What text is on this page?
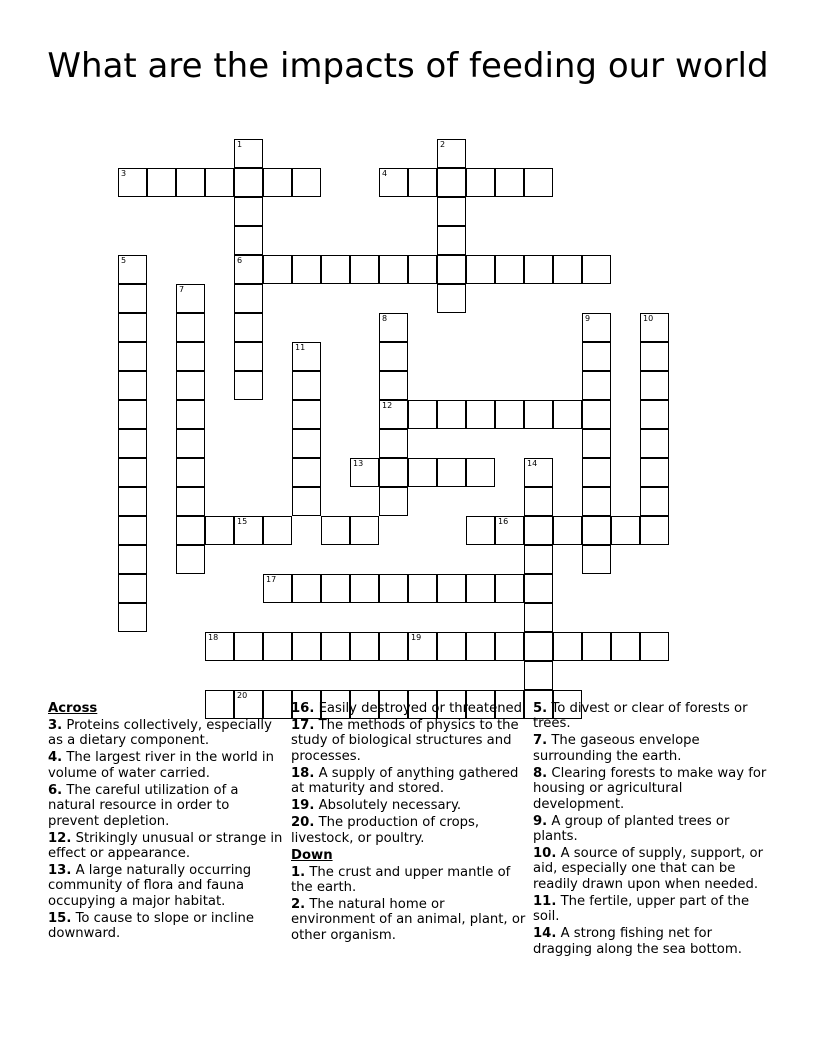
What are the impacts of feeding our world
3	4
1
6
2
5
7
8
12
9	10
11
13	14
15	16
17
18	19
20

Across

3. Proteins collectively, especially as a dietary component.

4. The largest river in the world in volume of water carried.

6. The careful utilization of a natural resource in order to prevent depletion.

12. Strikingly unusual or strange in effect or appearance.

13. A large naturally occurring community of flora and fauna occupying a major habitat.

15. To cause to slope or incline downward.

16. Easily destroyed or threatened.

17. The methods of physics to the study of biological structures and processes.

18. A supply of anything gathered at maturity and stored.

19. Absolutely necessary.

20. The production of crops, livestock, or poultry.

Down

1. The crust and upper mantle of the earth.

2. The natural home or environment of an animal, plant, or other organism.

5. To divest or clear of forests or trees.

7. The gaseous envelope surrounding the earth.

8. Clearing forests to make way for housing or agricultural development.

9. A group of planted trees or plants.

10. A source of supply, support, or aid, especially one that can be readily drawn upon when needed.

11. The fertile, upper part of the soil.

14. A strong fishing net for dragging along the sea bottom.
